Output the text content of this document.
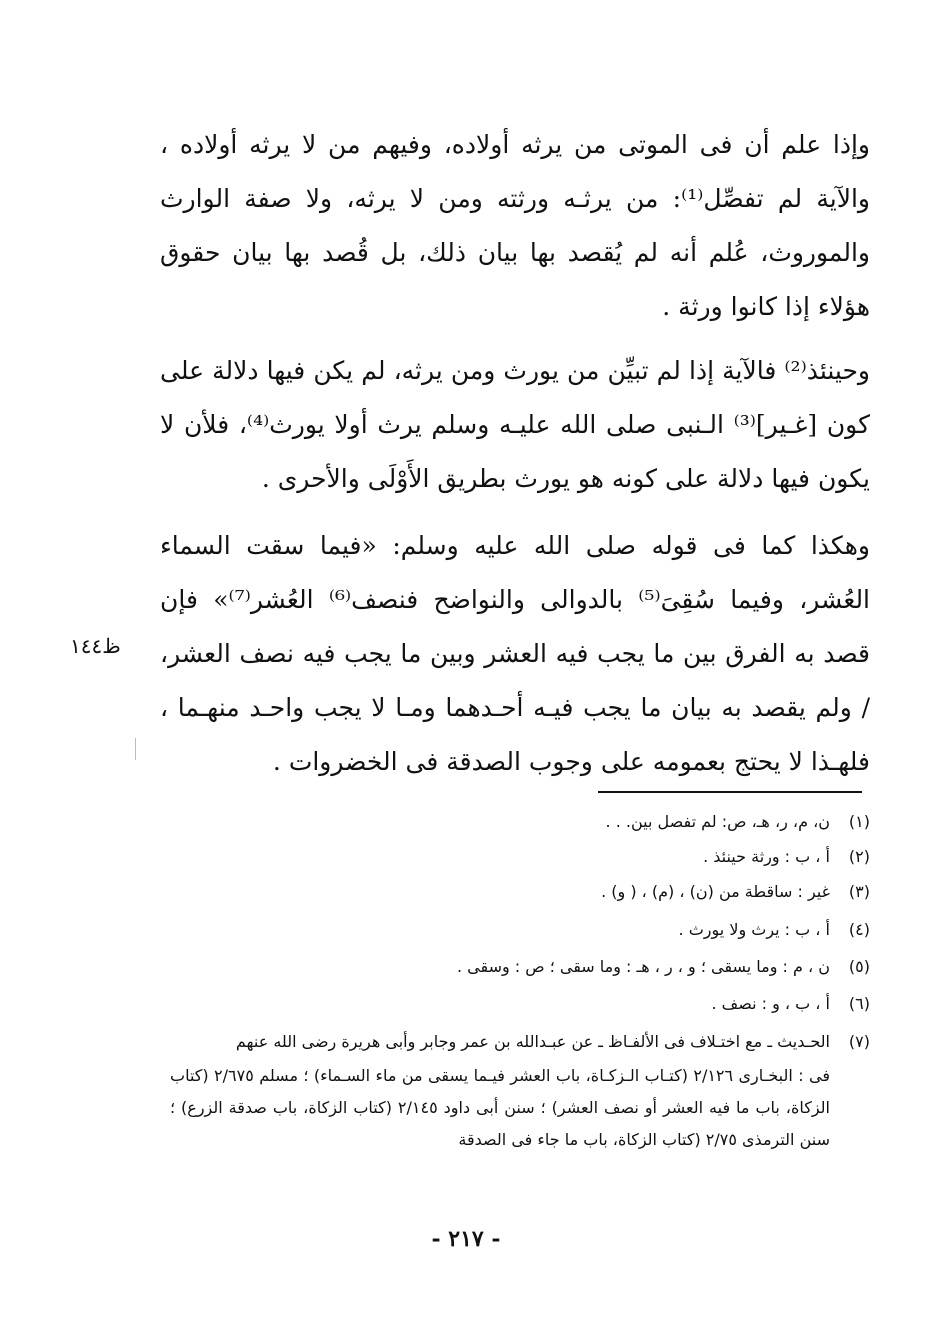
وإذا علم أن فى الموتى من يرثه أولاده، وفيهم من لا يرثه أولاده ، والآية لم تفصِّل⁽¹⁾: من يرثـه ورثته ومن لا يرثه، ولا صفة الوارث والموروث، عُلم أنه لم يُقصد بها بيان ذلك، بل قُصد بها بيان حقوق هؤلاء إذا كانوا ورثة .
وحينئذ⁽²⁾ فالآية إذا لم تبيِّن من يورث ومن يرثه، لم يكن فيها دلالة على كون [غـير]⁽³⁾ الـنبى صلى الله عليـه وسلم يرث أولا يورث⁽⁴⁾، فلأن لا يكون فيها دلالة على كونه هو يورث بطريق الأَوْلَى والأحرى .
وهكذا كما فى قوله صلى الله عليه وسلم: «فيما سقت السماء العُشر، وفيما سُقِىَ⁽⁵⁾ بالدوالى والنواضح فنصف⁽⁶⁾ العُشر⁽⁷⁾» فإن قصد به الفرق بين ما يجب فيه العشر وبين ما يجب فيه نصف العشر، / ولم يقصد به بيان ما يجب فيـه أحـدهما ومـا لا يجب واحـد منهـما ، فلهـذا لا يحتج بعمومه على وجوب الصدقة فى الخضروات .
ظ١٤٤
(١)ن، م، ر، هـ، ص: لم تفصل بين. . .
(٢)أ ، ب : ورثة حينئذ .
(٣)غير : ساقطة من (ن) ، (م) ، ( و) .
(٤)أ ، ب : يرث ولا يورث .
(٥)ن ، م : وما يسقى ؛ و ، ر ، هـ : وما سقى ؛ ص : وسقى .
(٦)أ ، ب ، و : نصف .
(٧)الحـديث ـ مع اختـلاف فى الألفـاظ ـ عن عبـدالله بن عمر وجابر وأبى هريرة رضى الله عنهم
فى : البخـارى ٢/١٢٦ (كتـاب الـزكـاة، باب العشر فيـما يسقى من ماء السـماء) ؛ مسلم ٢/٦٧٥ (كتاب الزكاة، باب ما فيه العشر أو نصف العشر) ؛ سنن أبى داود ٢/١٤٥ (كتاب الزكاة، باب صدقة الزرع) ؛ سنن الترمذى ٢/٧٥ (كتاب الزكاة، باب ما جاء فى الصدقة
- ٢١٧ -
